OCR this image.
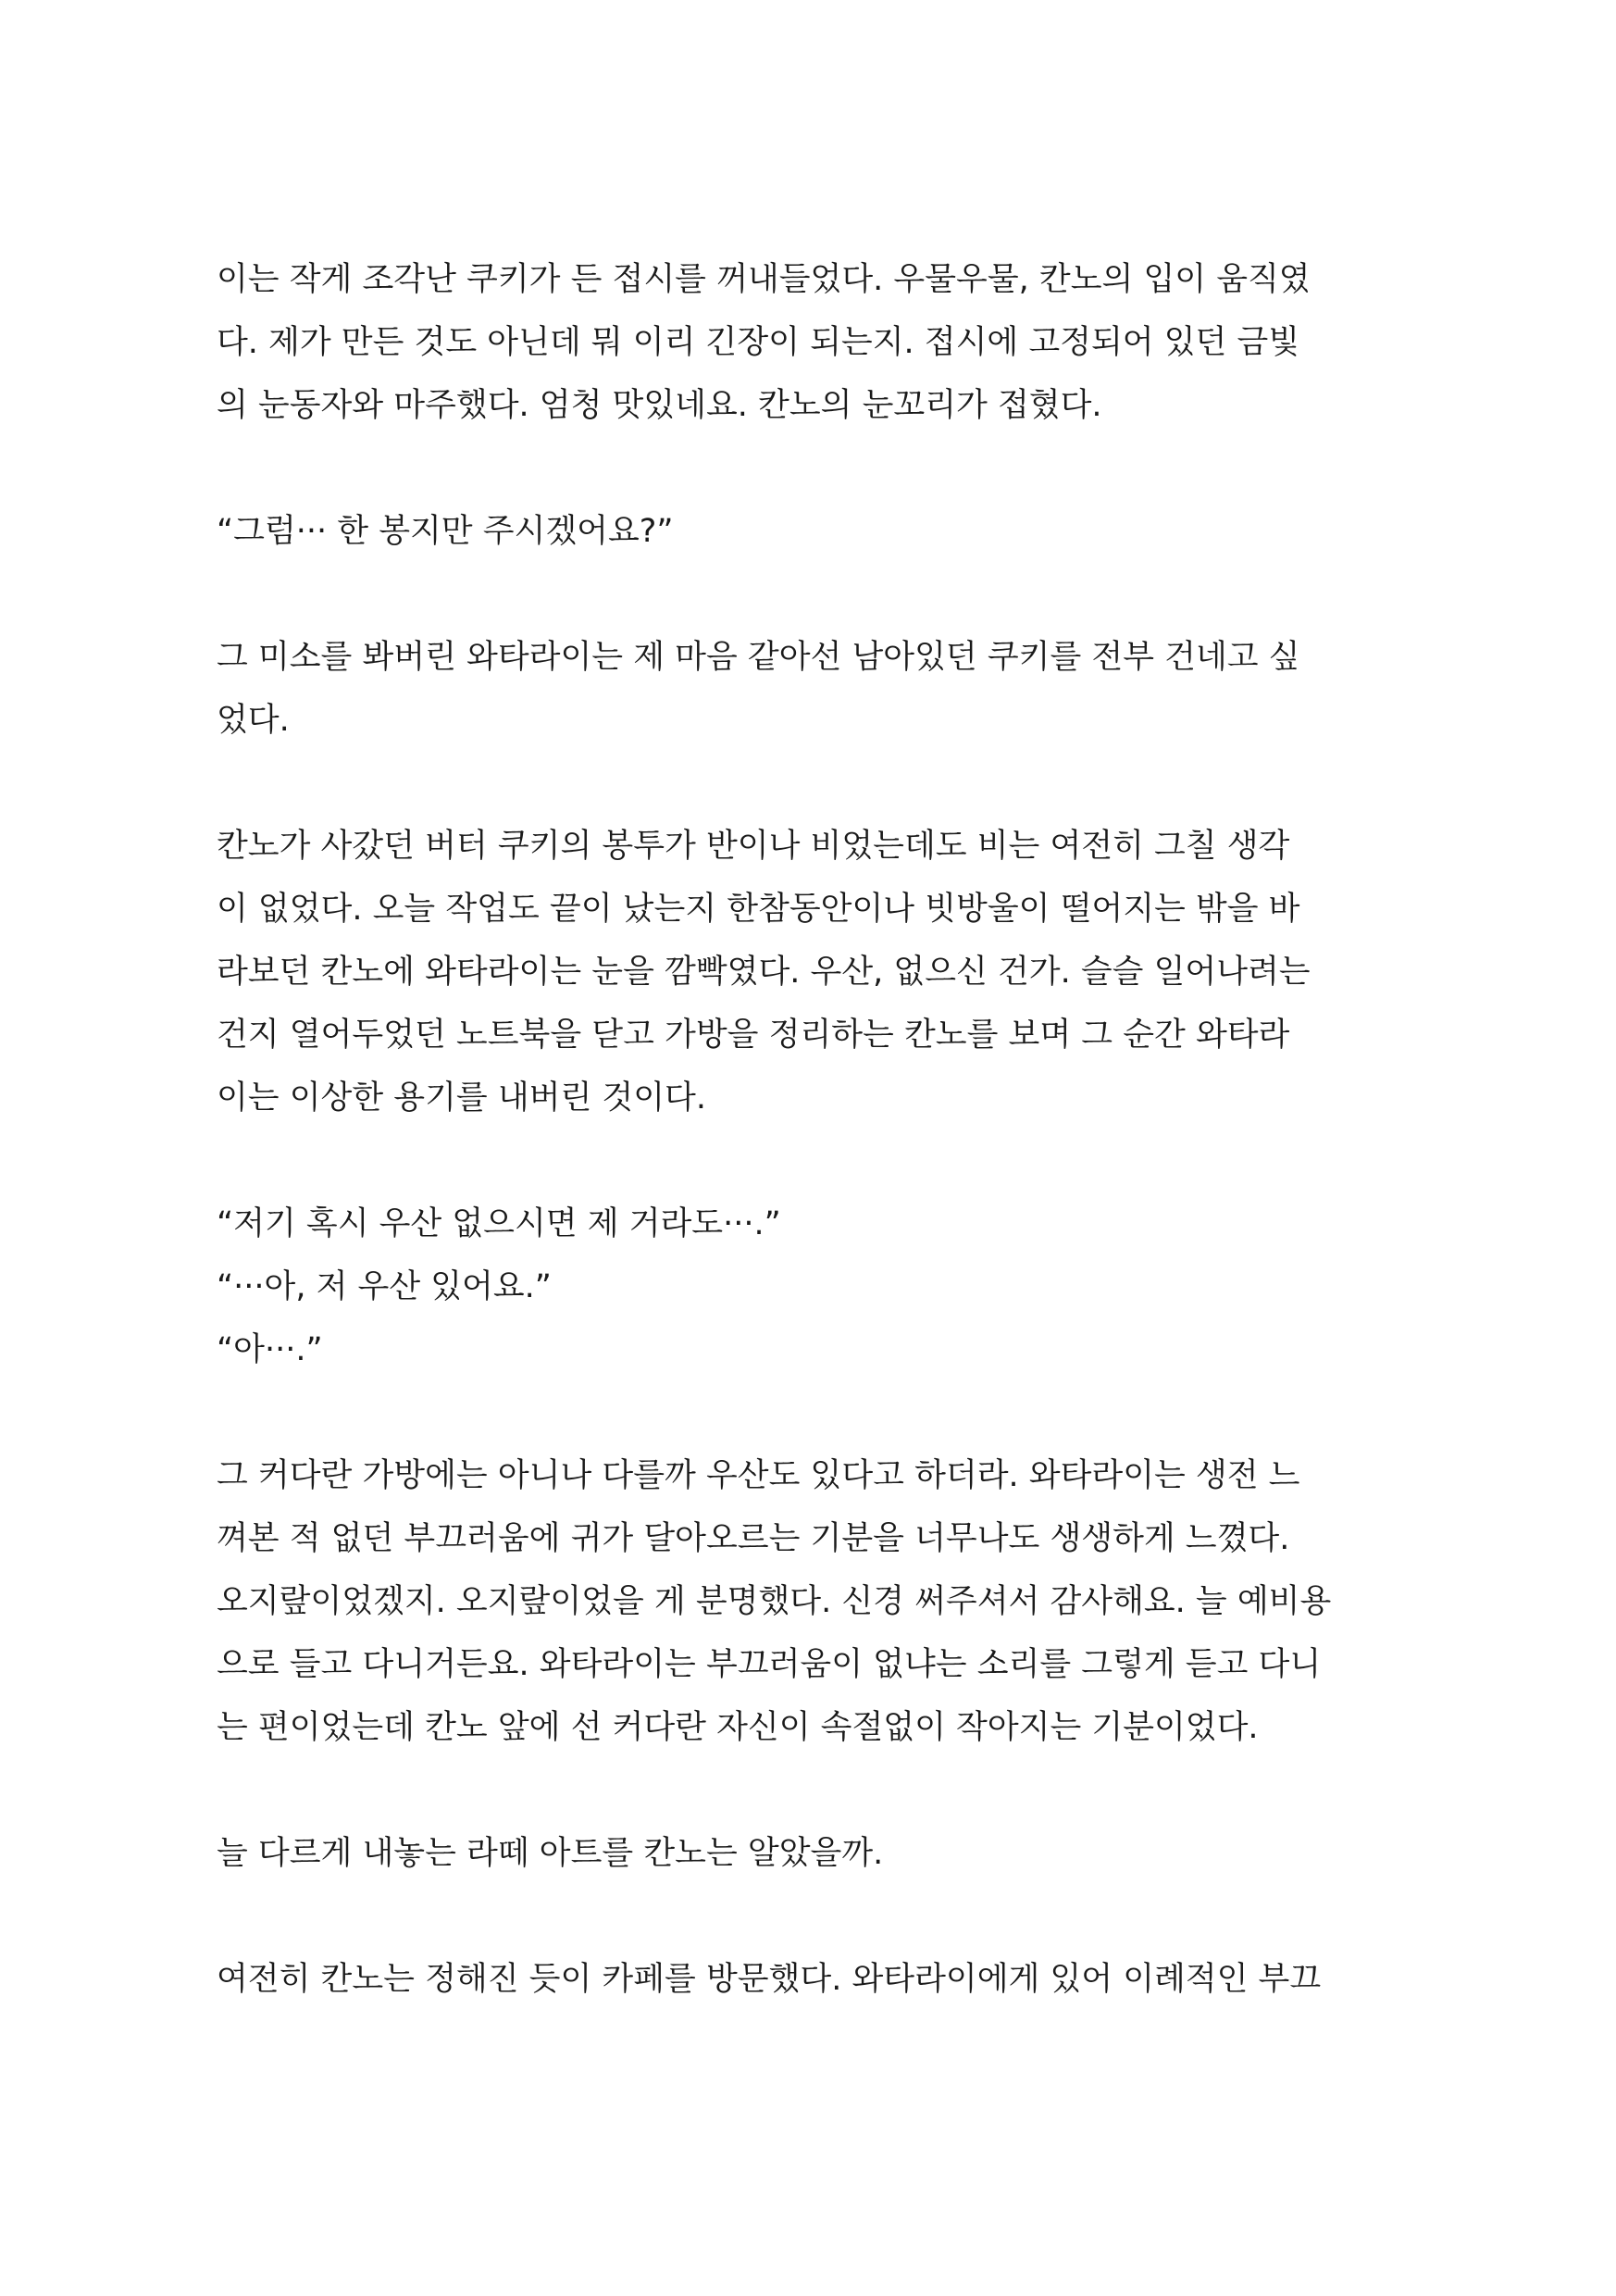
이는 작게 조각난 쿠키가 든 접시를 꺼내들었다. 우물우물, 칸노의 입이 움직였
다. 제가 만든 것도 아닌데 뭐 이리 긴장이 되는지. 접시에 고정되어 있던 금빛
의 눈동자와 마주했다. 엄청 맛있네요. 칸노의 눈꼬리가 접혔다.

“그럼··· 한 봉지만 주시겠어요?”

그 미소를 봐버린 와타라이는 제 마음 같아선 남아있던 쿠키를 전부 건네고 싶
었다.

칸노가 사갔던 버터 쿠키의 봉투가 반이나 비었는데도 비는 여전히 그칠 생각
이 없었다. 오늘 작업도 끝이 났는지 한참동안이나 빗방울이 떨어지는 밖을 바
라보던 칸노에 와타라이는 눈을 깜빡였다. 우산, 없으신 건가. 슬슬 일어나려는
건지 열어두었던 노트북을 닫고 가방을 정리하는 칸노를 보며 그 순간 와타라
이는 이상한 용기를 내버린 것이다.

“저기 혹시 우산 없으시면 제 거라도···.”
“···아, 저 우산 있어요.”
“아···.”

그 커다란 가방에는 아니나 다를까 우산도 있다고 하더라. 와타라이는 생전 느
껴본 적 없던 부끄러움에 귀가 달아오르는 기분을 너무나도 생생하게 느꼈다.
오지랖이었겠지. 오지랖이었을 게 분명했다. 신경 써주셔서 감사해요. 늘 예비용
으로 들고 다니거든요. 와타라이는 부끄러움이 없냐는 소리를 그렇게 듣고 다니
는 편이었는데 칸노 앞에 선 커다란 자신이 속절없이 작아지는 기분이었다.

늘 다르게 내놓는 라떼 아트를 칸노는 알았을까.

여전히 칸노는 정해진 듯이 카페를 방문했다. 와타라이에게 있어 이례적인 부끄
